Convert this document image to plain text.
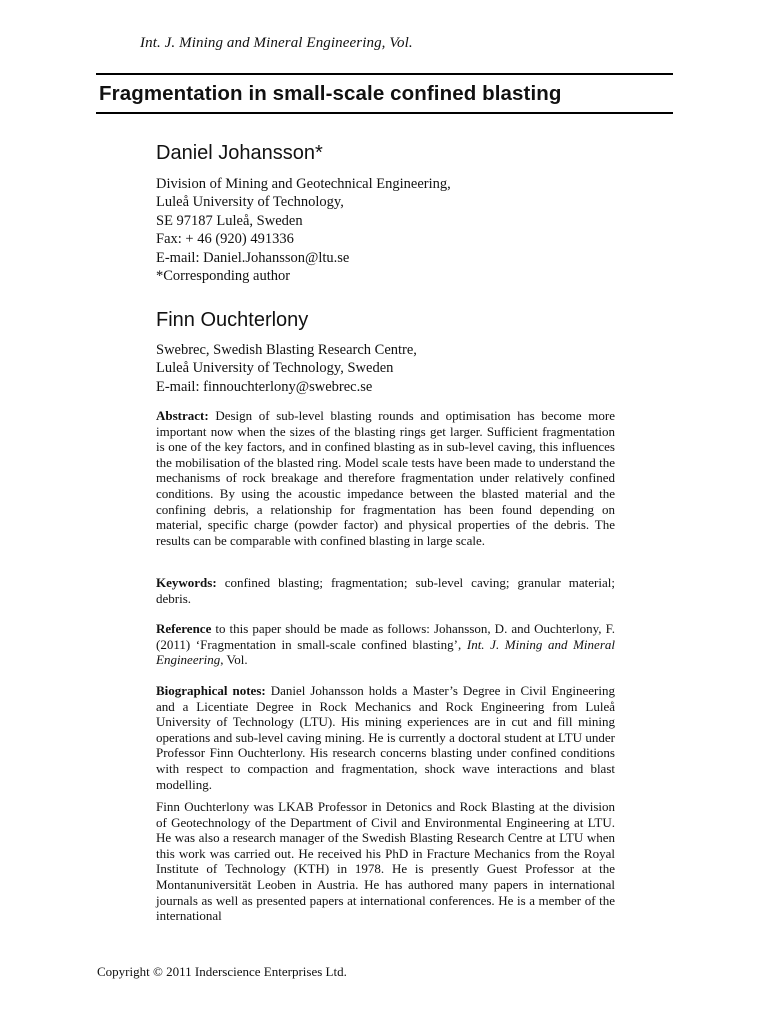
Int. J. Mining and Mineral Engineering, Vol.
Fragmentation in small-scale confined blasting
Daniel Johansson*
Division of Mining and Geotechnical Engineering,
Luleå University of Technology,
SE 97187 Luleå, Sweden
Fax: + 46 (920) 491336
E-mail: Daniel.Johansson@ltu.se
*Corresponding author
Finn Ouchterlony
Swebrec, Swedish Blasting Research Centre,
Luleå University of Technology, Sweden
E-mail: finnouchterlony@swebrec.se
Abstract: Design of sub-level blasting rounds and optimisation has become more important now when the sizes of the blasting rings get larger. Sufficient fragmentation is one of the key factors, and in confined blasting as in sub-level caving, this influences the mobilisation of the blasted ring. Model scale tests have been made to understand the mechanisms of rock breakage and therefore fragmentation under relatively confined conditions. By using the acoustic impedance between the blasted material and the confining debris, a relationship for fragmentation has been found depending on material, specific charge (powder factor) and physical properties of the debris. The results can be comparable with confined blasting in large scale.
Keywords: confined blasting; fragmentation; sub-level caving; granular material; debris.
Reference to this paper should be made as follows: Johansson, D. and Ouchterlony, F. (2011) ‘Fragmentation in small-scale confined blasting’, Int. J. Mining and Mineral Engineering, Vol.
Biographical notes: Daniel Johansson holds a Master’s Degree in Civil Engineering and a Licentiate Degree in Rock Mechanics and Rock Engineering from Luleå University of Technology (LTU). His mining experiences are in cut and fill mining operations and sub-level caving mining. He is currently a doctoral student at LTU under Professor Finn Ouchterlony. His research concerns blasting under confined conditions with respect to compaction and fragmentation, shock wave interactions and blast modelling.
Finn Ouchterlony was LKAB Professor in Detonics and Rock Blasting at the division of Geotechnology of the Department of Civil and Environmental Engineering at LTU. He was also a research manager of the Swedish Blasting Research Centre at LTU when this work was carried out. He received his PhD in Fracture Mechanics from the Royal Institute of Technology (KTH) in 1978. He is presently Guest Professor at the Montanuniversität Leoben in Austria. He has authored many papers in international journals as well as presented papers at international conferences. He is a member of the international
Copyright © 2011 Inderscience Enterprises Ltd.
